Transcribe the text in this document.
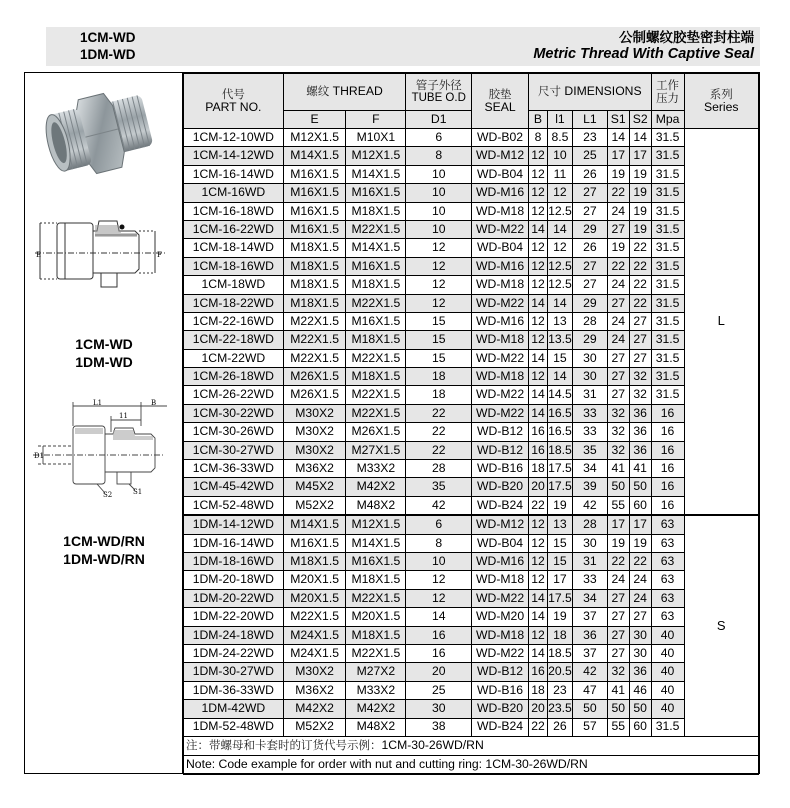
1CM-WD
1DM-WD
公制螺纹胶垫密封柱端
Metric Thread With Captive Seal
E	F
1CM-WD
1DM-WD
L1	B
11
D1
S1
S2
1CM-WD/RN
1DM-WD/RN
代号
PART NO.
	螺纹 THREAD	管子外径
TUBE O.D	胶垫
SEAL
	尺寸 DIMENSIONS	工作
压力	系列
Series

	E	F	D1		B	l1	L1	S1	S2	Mpa	
1CM-12-10WD	M12X1.5	M10X1	6	WD-B02	8	8.5	23	14	14	31.5	L
1CM-14-12WD	M14X1.5	M12X1.5	8	WD-M12	12	10	25	17	17	31.5	
1CM-16-14WD	M16X1.5	M14X1.5	10	WD-B04	12	11	26	19	19	31.5	
1CM-16WD	M16X1.5	M16X1.5	10	WD-M16	12	12	27	22	19	31.5	
1CM-16-18WD	M16X1.5	M18X1.5	10	WD-M18	12	12.5	27	24	19	31.5	
1CM-16-22WD	M16X1.5	M22X1.5	10	WD-M22	14	14	29	27	19	31.5	
1CM-18-14WD	M18X1.5	M14X1.5	12	WD-B04	12	12	26	19	22	31.5	
1CM-18-16WD	M18X1.5	M16X1.5	12	WD-M16	12	12.5	27	22	22	31.5	
1CM-18WD	M18X1.5	M18X1.5	12	WD-M18	12	12.5	27	24	22	31.5	
1CM-18-22WD	M18X1.5	M22X1.5	12	WD-M22	14	14	29	27	22	31.5	
1CM-22-16WD	M22X1.5	M16X1.5	15	WD-M16	12	13	28	24	27	31.5	
1CM-22-18WD	M22X1.5	M18X1.5	15	WD-M18	12	13.5	29	24	27	31.5	
1CM-22WD	M22X1.5	M22X1.5	15	WD-M22	14	15	30	27	27	31.5	
1CM-26-18WD	M26X1.5	M18X1.5	18	WD-M18	12	14	30	27	32	31.5	
1CM-26-22WD	M26X1.5	M22X1.5	18	WD-M22	14	14.5	31	27	32	31.5	
1CM-30-22WD	M30X2	M22X1.5	22	WD-M22	14	16.5	33	32	36	16	
1CM-30-26WD	M30X2	M26X1.5	22	WD-B12	16	16.5	33	32	36	16	
1CM-30-27WD	M30X2	M27X1.5	22	WD-B12	16	18.5	35	32	36	16	
1CM-36-33WD	M36X2	M33X2	28	WD-B16	18	17.5	34	41	41	16	
1CM-45-42WD	M45X2	M42X2	35	WD-B20	20	17.5	39	50	50	16	
1CM-52-48WD	M52X2	M48X2	42	WD-B24	22	19	42	55	60	16	
1DM-14-12WD	M14X1.5	M12X1.5	6	WD-M12	12	13	28	17	17	63	S
1DM-16-14WD	M16X1.5	M14X1.5	8	WD-B04	12	15	30	19	19	63	
1DM-18-16WD	M18X1.5	M16X1.5	10	WD-M16	12	15	31	22	22	63	
1DM-20-18WD	M20X1.5	M18X1.5	12	WD-M18	12	17	33	24	24	63	
1DM-20-22WD	M20X1.5	M22X1.5	12	WD-M22	14	17.5	34	27	24	63	
1DM-22-20WD	M22X1.5	M20X1.5	14	WD-M20	14	19	37	27	27	63	
1DM-24-18WD	M24X1.5	M18X1.5	16	WD-M18	12	18	36	27	30	40	
1DM-24-22WD	M24X1.5	M22X1.5	16	WD-M22	14	18.5	37	27	30	40	
1DM-30-27WD	M30X2	M27X2	20	WD-B12	16	20.5	42	32	36	40	
1DM-36-33WD	M36X2	M33X2	25	WD-B16	18	23	47	41	46	40	
1DM-42WD	M42X2	M42X2	30	WD-B20	20	23.5	50	50	50	40	
1DM-52-48WD	M52X2	M48X2	38	WD-B24	22	26	57	55	60	31.5	
注：带螺母和卡套时的订货代号示例：1CM-30-26WD/RN											
Note: Code example for order with nut and cutting ring: 1CM-30-26WD/RN											
